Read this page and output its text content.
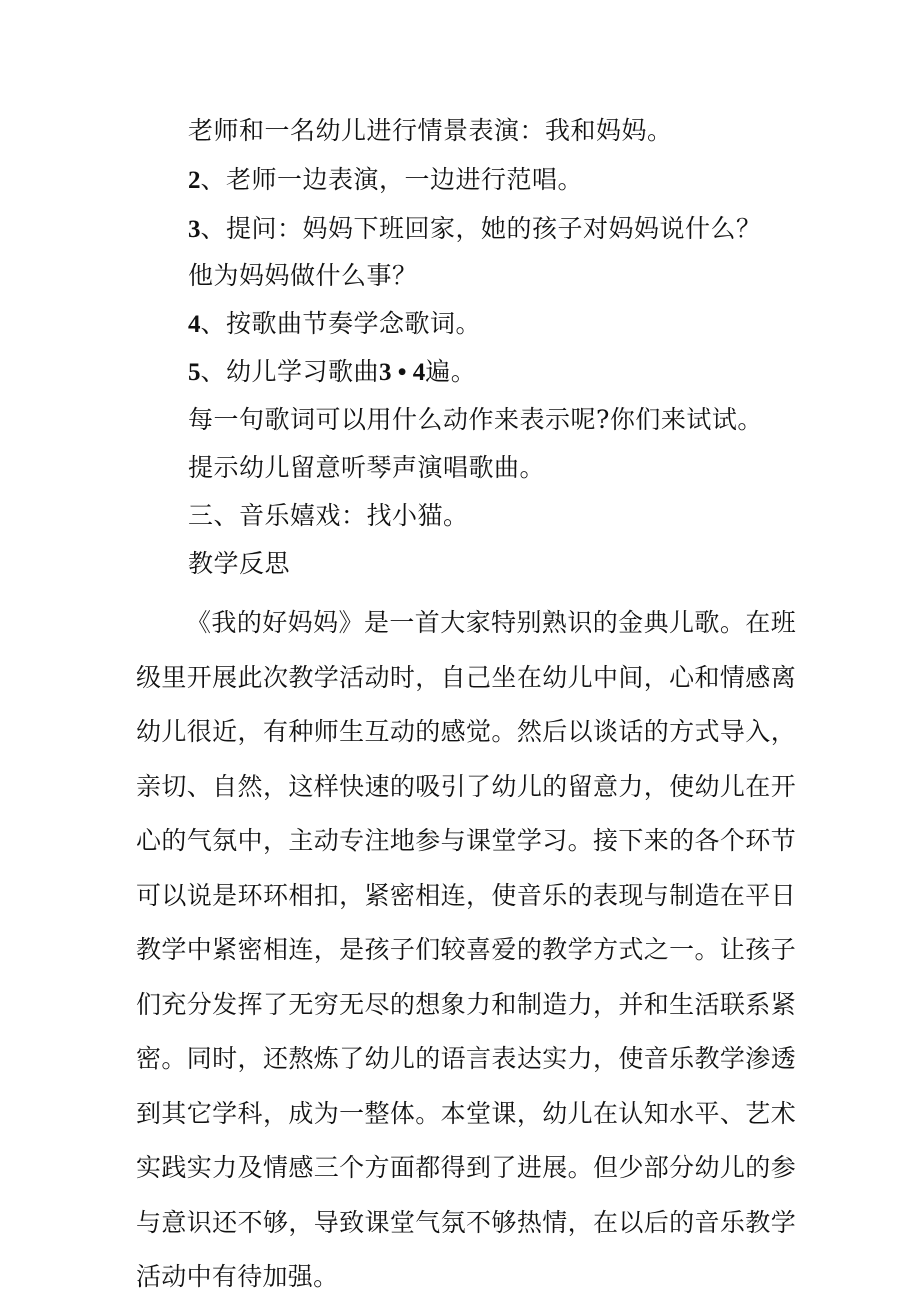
老师和一名幼儿进行情景表演：我和妈妈。
2、老师一边表演，一边进行范唱。
3、提问：妈妈下班回家，她的孩子对妈妈说什么？
他为妈妈做什么事？
4、按歌曲节奏学念歌词。
5、幼儿学习歌曲3 • 4遍。
每一句歌词可以用什么动作来表示呢?你们来试试。
提示幼儿留意听琴声演唱歌曲。
三、音乐嬉戏：找小猫。
教学反思

《我的好妈妈》是一首大家特别熟识的金典儿歌。在班级里开展此次教学活动时，自己坐在幼儿中间，心和情感离幼儿很近，有种师生互动的感觉。然后以谈话的方式导入，亲切、自然，这样快速的吸引了幼儿的留意力，使幼儿在开心的气氛中，主动专注地参与课堂学习。接下来的各个环节可以说是环环相扣，紧密相连，使音乐的表现与制造在平日教学中紧密相连，是孩子们较喜爱的教学方式之一。让孩子们充分发挥了无穷无尽的想象力和制造力，并和生活联系紧密。同时，还熬炼了幼儿的语言表达实力，使音乐教学渗透到其它学科，成为一整体。本堂课，幼儿在认知水平、艺术实践实力及情感三个方面都得到了进展。但少部分幼儿的参与意识还不够，导致课堂气氛不够热情，在以后的音乐教学活动中有待加强。
